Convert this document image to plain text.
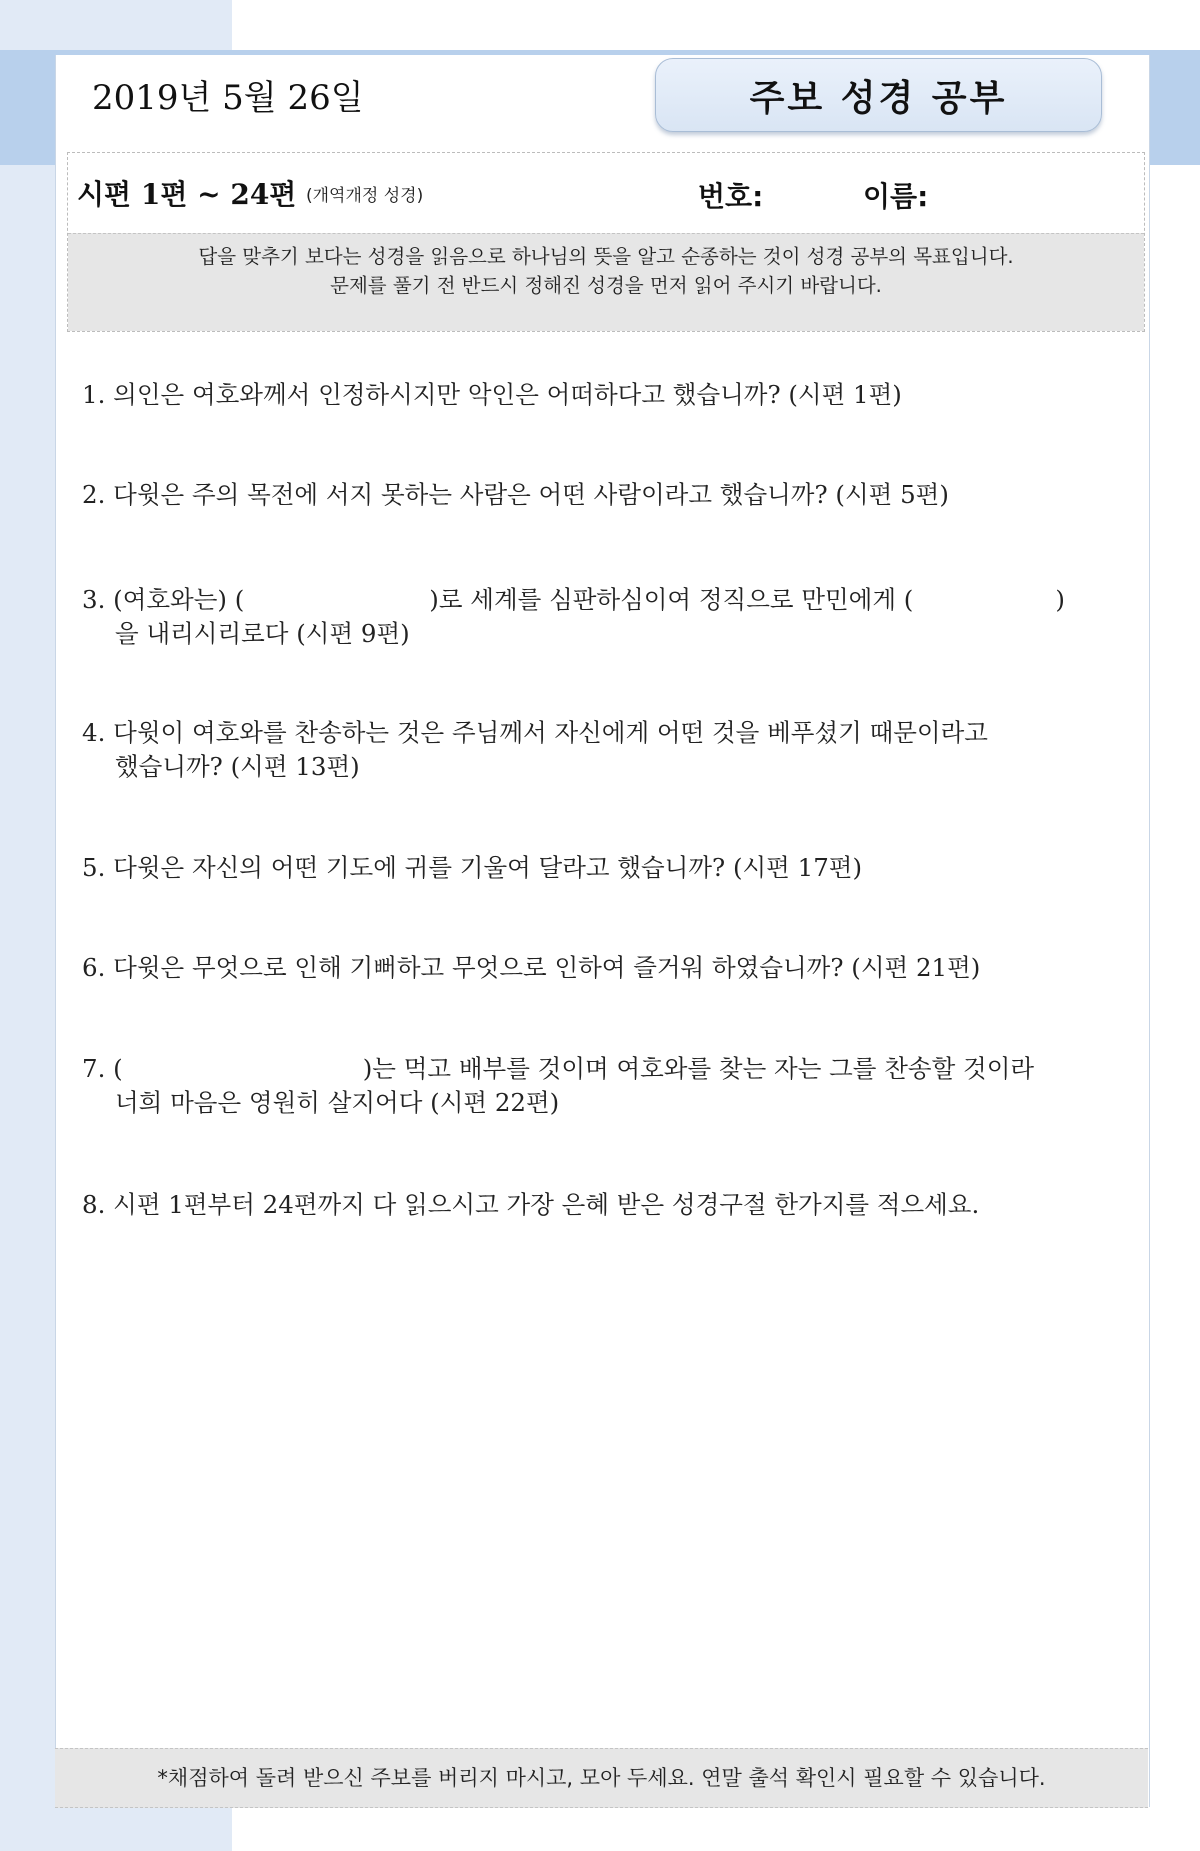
2019년 5월 26일	주보 성경 공부
시편 1편 ~ 24편 (개역개정 성경)	번호:	이름:
답을 맞추기 보다는 성경을 읽음으로 하나님의 뜻을 알고 순종하는 것이 성경 공부의 목표입니다.
문제를 풀기 전 반드시 정해진 성경을 먼저 읽어 주시기 바랍니다.
1. 의인은 여호와께서 인정하시지만 악인은 어떠하다고 했습니까? (시편 1편)
2. 다윗은 주의 목전에 서지 못하는 사람은 어떤 사람이라고 했습니까? (시편 5편)
3. (여호와는) (	)로 세계를 심판하심이여 정직으로 만민에게 (	)
을 내리시리로다 (시편 9편)
4. 다윗이 여호와를 찬송하는 것은 주님께서 자신에게 어떤 것을 베푸셨기 때문이라고
했습니까? (시편 13편)
5. 다윗은 자신의 어떤 기도에 귀를 기울여 달라고 했습니까? (시편 17편)
6. 다윗은 무엇으로 인해 기뻐하고 무엇으로 인하여 즐거워 하였습니까? (시편 21편)
7. (	)는 먹고 배부를 것이며 여호와를 찾는 자는 그를 찬송할 것이라
너희 마음은 영원히 살지어다 (시편 22편)
8. 시편 1편부터 24편까지 다 읽으시고 가장 은혜 받은 성경구절 한가지를 적으세요.
*채점하여 돌려 받으신 주보를 버리지 마시고, 모아 두세요. 연말 출석 확인시 필요할 수 있습니다.
